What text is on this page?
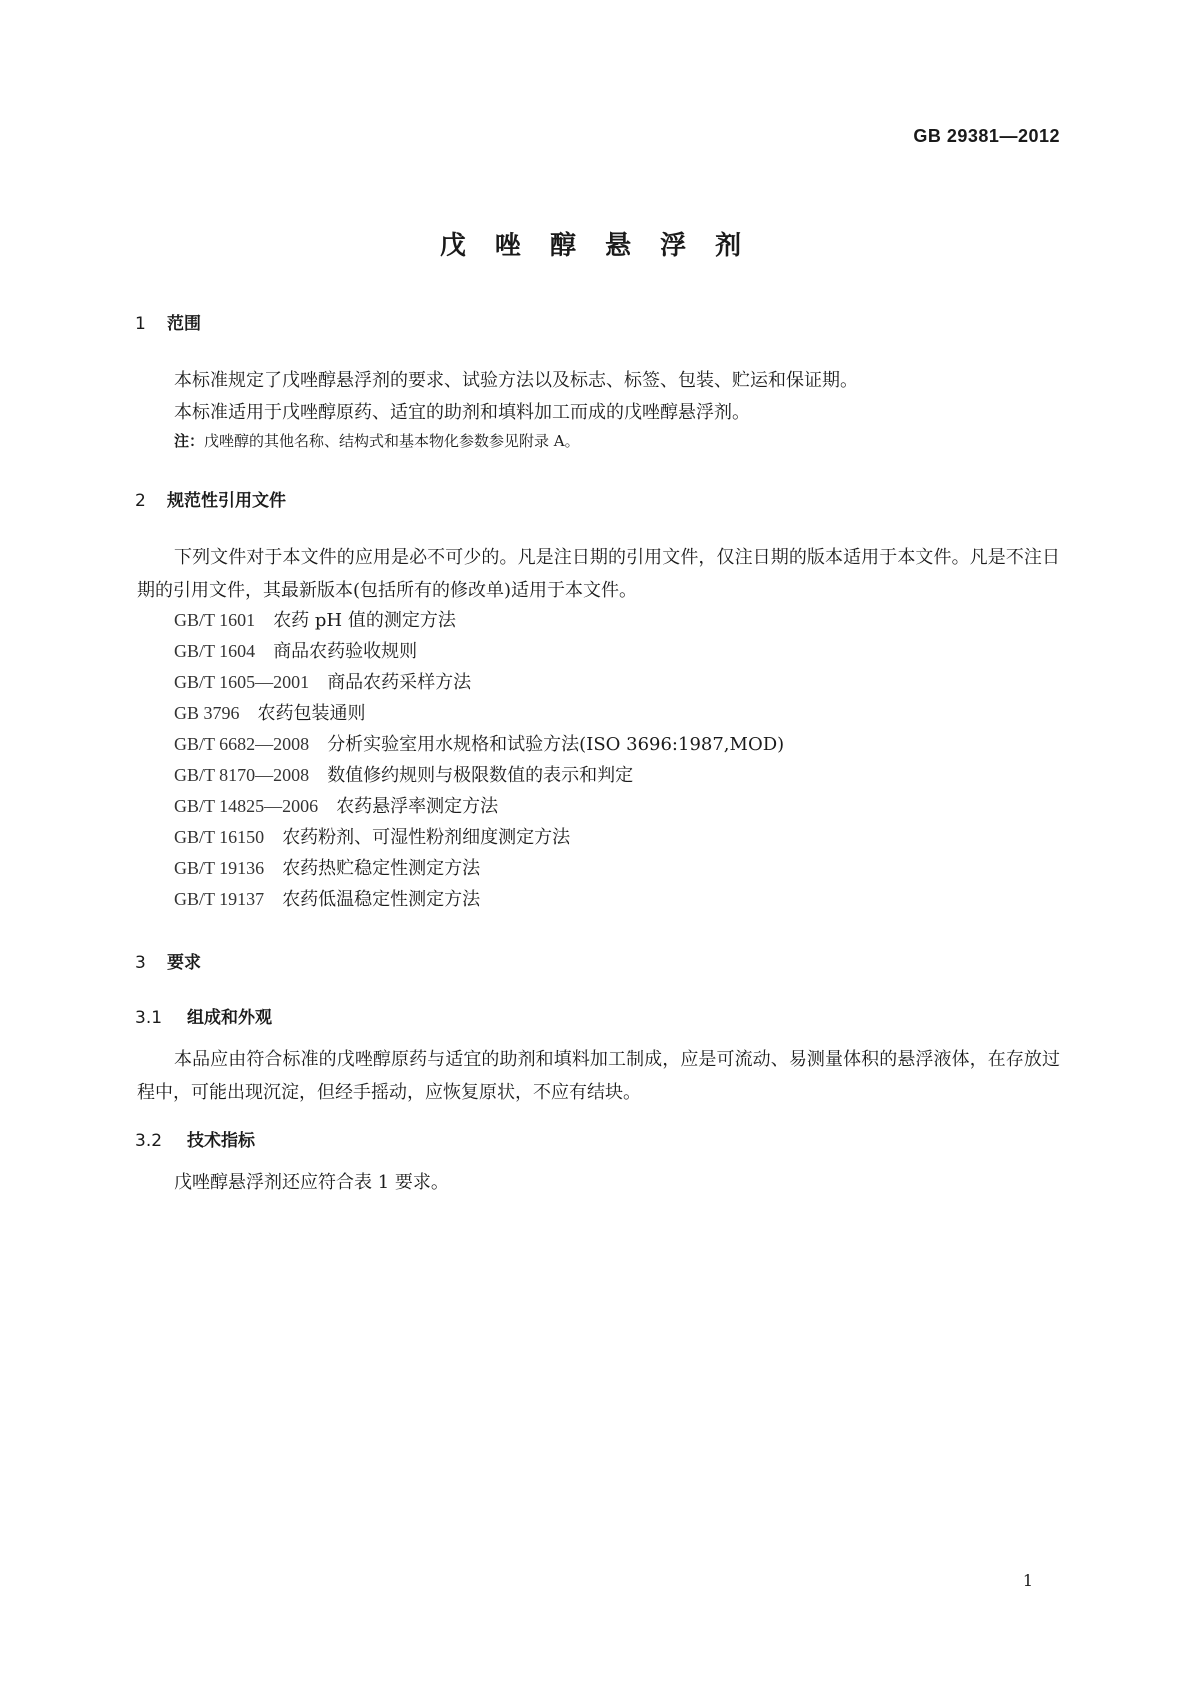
GB 29381—2012
戊 唑 醇 悬 浮 剂
1 范围
本标准规定了戊唑醇悬浮剂的要求、试验方法以及标志、标签、包装、贮运和保证期。
本标准适用于戊唑醇原药、适宜的助剂和填料加工而成的戊唑醇悬浮剂。
注：戊唑醇的其他名称、结构式和基本物化参数参见附录 A。
2 规范性引用文件
下列文件对于本文件的应用是必不可少的。凡是注日期的引用文件，仅注日期的版本适用于本文件。凡是不注日期的引用文件，其最新版本(包括所有的修改单)适用于本文件。
GB/T 1601 农药 pH 值的测定方法
GB/T 1604 商品农药验收规则
GB/T 1605—2001 商品农药采样方法
GB 3796 农药包装通则
GB/T 6682—2008 分析实验室用水规格和试验方法(ISO 3696:1987,MOD)
GB/T 8170—2008 数值修约规则与极限数值的表示和判定
GB/T 14825—2006 农药悬浮率测定方法
GB/T 16150 农药粉剂、可湿性粉剂细度测定方法
GB/T 19136 农药热贮稳定性测定方法
GB/T 19137 农药低温稳定性测定方法
3 要求
3.1 组成和外观
本品应由符合标准的戊唑醇原药与适宜的助剂和填料加工制成，应是可流动、易测量体积的悬浮液体，在存放过程中，可能出现沉淀，但经手摇动，应恢复原状，不应有结块。
3.2 技术指标
戊唑醇悬浮剂还应符合表 1 要求。
1
